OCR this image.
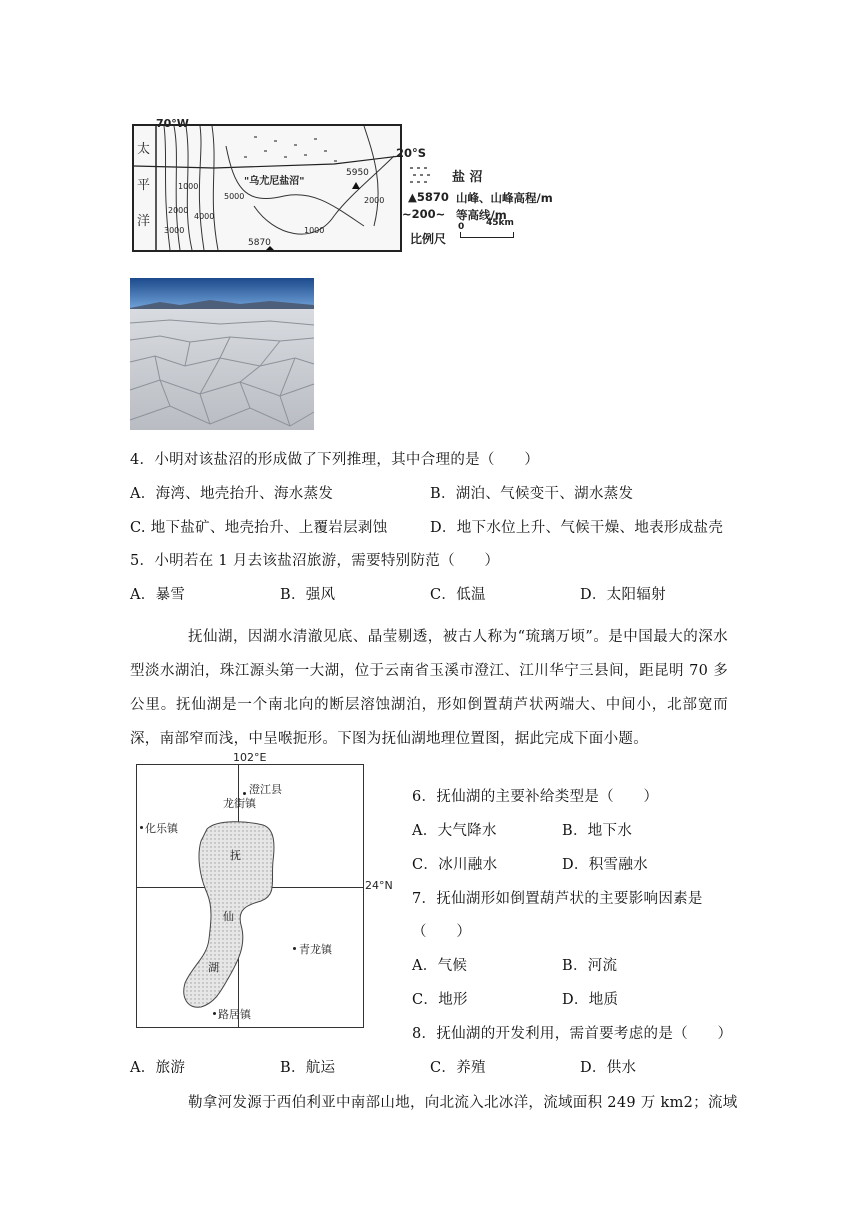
70°W
太
平
洋
"乌尤尼盐沼"
5950
5870
1000
2000
3000
5000
4000
1000
2000
20°S
盐 沼
▲5870 山峰、山峰高程/m
~200~ 等高线/m
比例尺
0 45km
4．小明对该盐沼的形成做了下列推理，其中合理的是（　　）
A．海湾、地壳抬升、海水蒸发	B．湖泊、气候变干、湖水蒸发
C. 地下盐矿、地壳抬升、上覆岩层剥蚀	D．地下水位上升、气候干燥、地表形成盐壳
5．小明若在 1 月去该盐沼旅游，需要特别防范（　　）
A．暴雪	B．强风	C．低温	D．太阳辐射
抚仙湖，因湖水清澈见底、晶莹剔透，被古人称为“琉璃万顷”。是中国最大的深水型淡水湖泊，珠江源头第一大湖，位于云南省玉溪市澄江、江川华宁三县间，距昆明 70 多公里。抚仙湖是一个南北向的断层溶蚀湖泊，形如倒置葫芦状两端大、中间小，北部宽而深，南部窄而浅，中呈喉扼形。下图为抚仙湖地理位置图，据此完成下面小题。
102°E
24°N
澄江县
龙街镇
化乐镇
青龙镇
路居镇
抚
仙
湖
6．抚仙湖的主要补给类型是（　　）
A．大气降水	B．地下水
C．冰川融水	D．积雪融水
7．抚仙湖形如倒置葫芦状的主要影响因素是
（　　）
A．气候	B．河流
C．地形	D．地质
8．抚仙湖的开发利用，需首要考虑的是（　　）
A．旅游	B．航运	C．养殖	D．供水
勒拿河发源于西伯利亚中南部山地，向北流入北冰洋，流域面积 249 万 km2；流域
